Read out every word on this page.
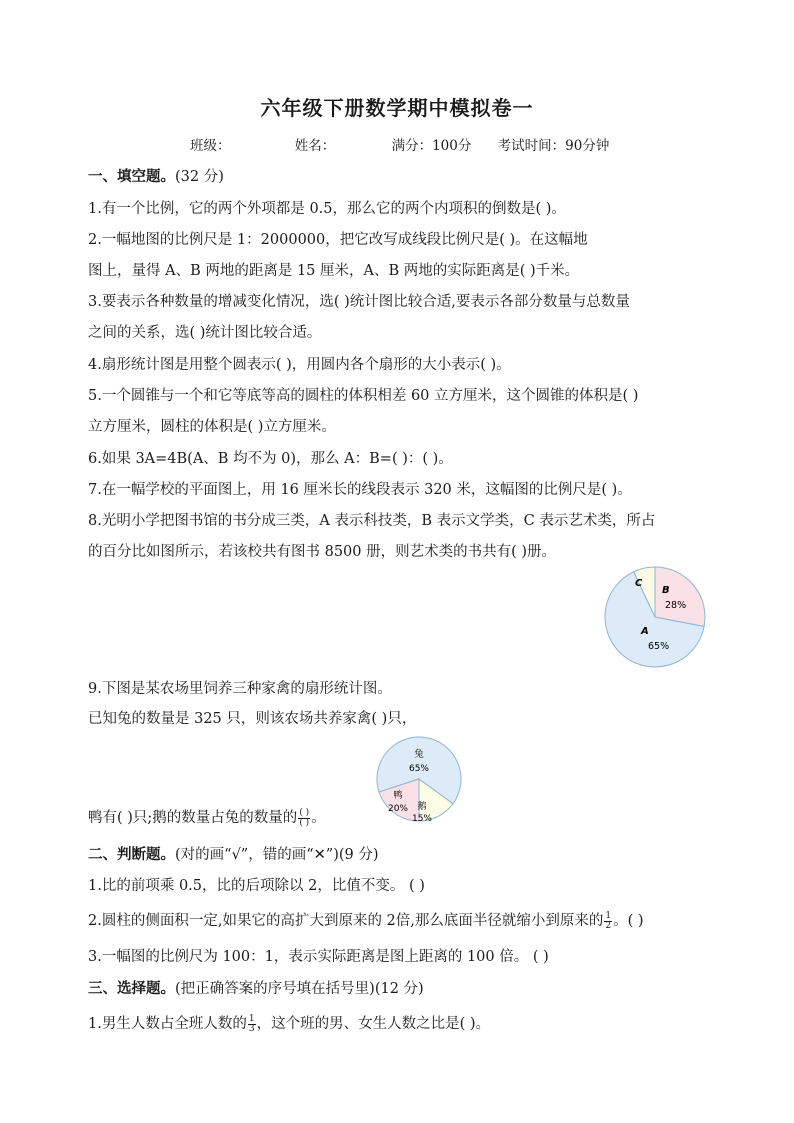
六年级下册数学期中模拟卷一
班级：	姓名：	满分：100分 考试时间：90分钟
一、填空题。(32 分)
1.有一个比例，它的两个外项都是 0.5，那么它的两个内项积的倒数是( )。
2.一幅地图的比例尺是 1：2000000，把它改写成线段比例尺是( )。在这幅地
图上，量得 A、B 两地的距离是 15 厘米，A、B 两地的实际距离是( )千米。
3.要表示各种数量的增减变化情况，选( )统计图比较合适,要表示各部分数量与总数量
之间的关系，选( )统计图比较合适。
4.扇形统计图是用整个圆表示( )，用圆内各个扇形的大小表示( )。
5.一个圆锥与一个和它等底等高的圆柱的体积相差 60 立方厘米，这个圆锥的体积是( )
立方厘米，圆柱的体积是( )立方厘米。
6.如果 3A=4B(A、B 均不为 0)，那么 A：B=( )：( )。
7.在一幅学校的平面图上，用 16 厘米长的线段表示 320 米，这幅图的比例尺是( )。
8.光明小学把图书馆的书分成三类，A 表示科技类，B 表示文学类，C 表示艺术类，所占
的百分比如图所示，若该校共有图书 8500 册，则艺术类的书共有( )册。
C
B
28%
A
65%
9.下图是某农场里饲养三种家禽的扇形统计图。
已知兔的数量是 325 只，则该农场共养家禽( )只，
兔
65%
鸭
20% 鹅
15%
鸭有( )只;鹅的数量占兔的数量的 $\frac{( )}{( )}$ 。
二、判断题。(对的画“√”，错的画“✕”)(9 分)
1.比的前项乘 0.5，比的后项除以 2，比值不变。 ( )
2.圆柱的侧面积一定,如果它的高扩大到原来的 2倍,那么底面半径就缩小到原来的 $\frac{1}{2}$ 。( )
3.一幅图的比例尺为 100：1，表示实际距离是图上距离的 100 倍。 ( )
三、选择题。(把正确答案的序号填在括号里)(12 分)
1.男生人数占全班人数的 $\frac{1}{3}$ ，这个班的男、女生人数之比是( )。
